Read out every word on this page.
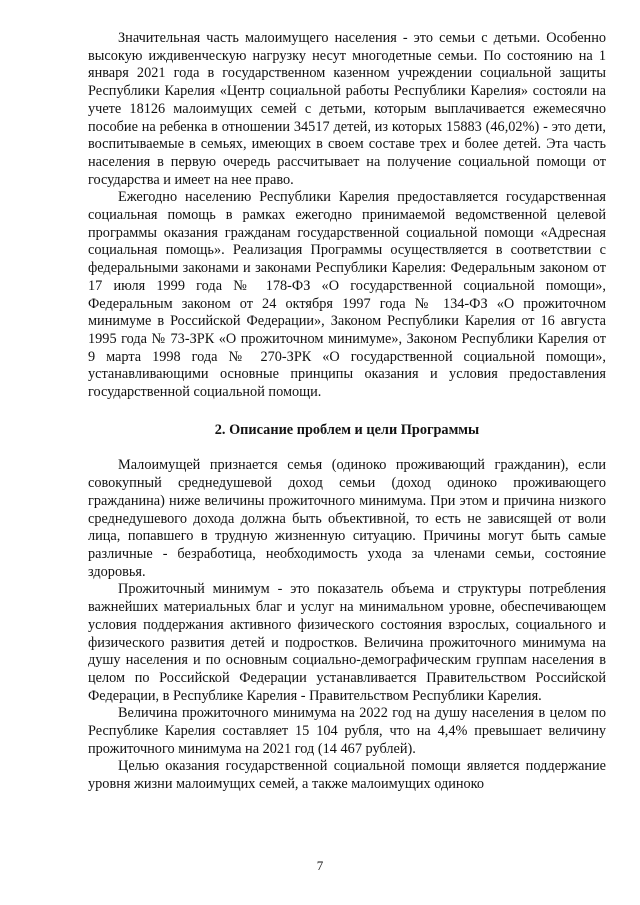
Значительная часть малоимущего населения - это семьи с детьми. Особенно высокую иждивенческую нагрузку несут многодетные семьи. По состоянию на 1 января 2021 года в государственном казенном учреждении социальной защиты Республики Карелия «Центр социальной работы Республики Карелия» состояли на учете 18126 малоимущих семей с детьми, которым выплачивается ежемесячно пособие на ребенка в отношении 34517 детей, из которых 15883 (46,02%) - это дети, воспитываемые в семьях, имеющих в своем составе трех и более детей. Эта часть населения в первую очередь рассчитывает на получение социальной помощи от государства и имеет на нее право.

Ежегодно населению Республики Карелия предоставляется государственная социальная помощь в рамках ежегодно принимаемой ведомственной целевой программы оказания гражданам государственной социальной помощи «Адресная социальная помощь». Реализация Программы осуществляется в соответствии с федеральными законами и законами Республики Карелия: Федеральным законом от 17 июля 1999 года № 178-ФЗ «О государственной социальной помощи», Федеральным законом от 24 октября 1997 года № 134-ФЗ «О прожиточном минимуме в Российской Федерации», Законом Республики Карелия от 16 августа 1995 года № 73-ЗРК «О прожиточном минимуме», Законом Республики Карелия от 9 марта 1998 года № 270-ЗРК «О государственной социальной помощи», устанавливающими основные принципы оказания и условия предоставления государственной социальной помощи.

2. Описание проблем и цели Программы

Малоимущей признается семья (одиноко проживающий гражданин), если совокупный среднедушевой доход семьи (доход одиноко проживающего гражданина) ниже величины прожиточного минимума. При этом и причина низкого среднедушевого дохода должна быть объективной, то есть не зависящей от воли лица, попавшего в трудную жизненную ситуацию. Причины могут быть самые различные - безработица, необходимость ухода за членами семьи, состояние здоровья.

Прожиточный минимум - это показатель объема и структуры потребления важнейших материальных благ и услуг на минимальном уровне, обеспечивающем условия поддержания активного физического состояния взрослых, социального и физического развития детей и подростков. Величина прожиточного минимума на душу населения и по основным социально-демографическим группам населения в целом по Российской Федерации устанавливается Правительством Российской Федерации, в Республике Карелия - Правительством Республики Карелия.

Величина прожиточного минимума на 2022 год на душу населения в целом по Республике Карелия составляет 15 104 рубля, что на 4,4% превышает величину прожиточного минимума на 2021 год (14 467 рублей).

Целью оказания государственной социальной помощи является поддержание уровня жизни малоимущих семей, а также малоимущих одиноко

7
